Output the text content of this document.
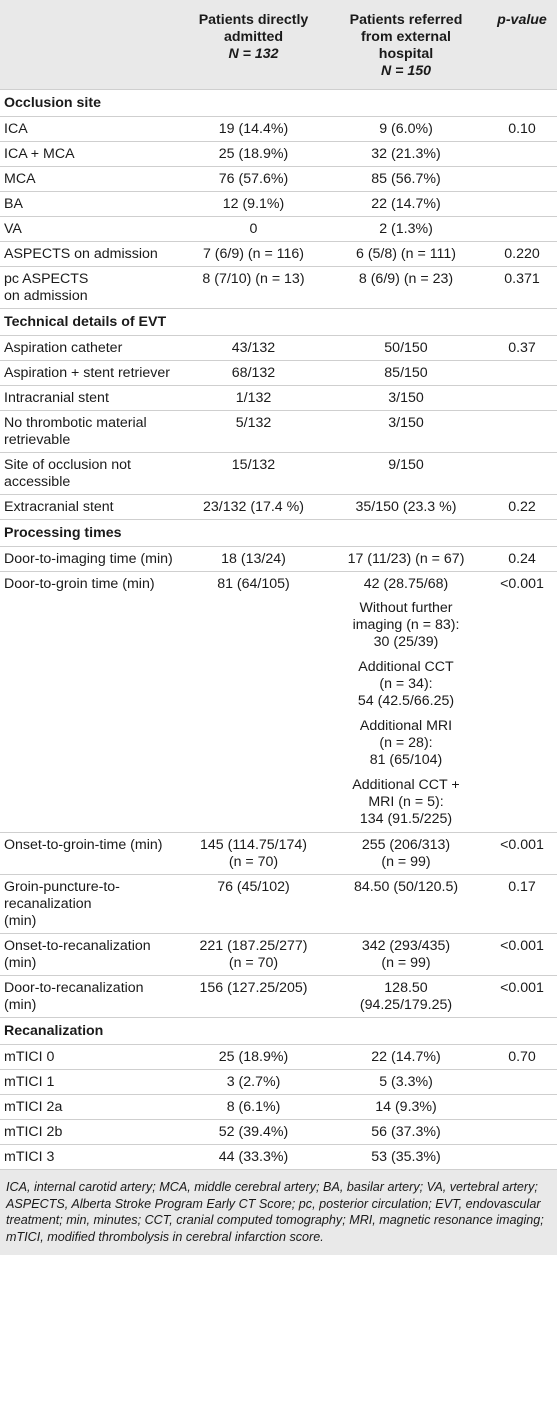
	Patients directly
admitted
N = 132	Patients referred
from external
hospital
N = 150	p-value
Occlusion site			

ICA	19 (14.4%)	9 (6.0%)	0.10

ICA + MCA	25 (18.9%)	32 (21.3%)	

MCA	76 (57.6%)	85 (56.7%)	

BA	12 (9.1%)	22 (14.7%)	

VA	0	2 (1.3%)	

ASPECTS on admission	7 (6/9) (n = 116)	6 (5/8) (n = 111)	0.220

pc ASPECTS
on admission	8 (7/10) (n = 13)	8 (6/9) (n = 23)	0.371
Technical details of EVT			

Aspiration catheter	43/132	50/150	0.37

Aspiration + stent retriever	68/132	85/150	

Intracranial stent	1/132	3/150	

No thrombotic material
retrievable	5/132	3/150	

Site of occlusion not
accessible	15/132	9/150	

Extracranial stent	23/132 (17.4 %)	35/150 (23.3 %)	0.22
Processing times			

Door-to-imaging time (min)	18 (13/24)	17 (11/23) (n = 67)	0.24

Door-to-groin time (min)	81 (64/105)	42 (28.75/68)	<0.001

		Without further
imaging (n = 83):
30 (25/39)	

		Additional CCT
(n = 34):
54 (42.5/66.25)	

		Additional MRI
(n = 28):
81 (65/104)	

		Additional CCT +
MRI (n = 5):
134 (91.5/225)	

Onset-to-groin-time (min)	145 (114.75/174)
(n = 70)	255 (206/313)
(n = 99)	<0.001

Groin-puncture-to-
recanalization
(min)	76 (45/102)	84.50 (50/120.5)	0.17

Onset-to-recanalization
(min)	221 (187.25/277)
(n = 70)	342 (293/435)
(n = 99)	<0.001

Door-to-recanalization
(min)	156 (127.25/205)	128.50
(94.25/179.25)	<0.001
Recanalization			

mTICI 0	25 (18.9%)	22 (14.7%)	0.70

mTICI 1	3 (2.7%)	5 (3.3%)	

mTICI 2a	8 (6.1%)	14 (9.3%)	

mTICI 2b	52 (39.4%)	56 (37.3%)	

mTICI 3	44 (33.3%)	53 (35.3%)	

ICA, internal carotid artery; MCA, middle cerebral artery; BA, basilar artery; VA, vertebral artery; ASPECTS, Alberta Stroke Program Early CT Score; pc, posterior circulation; EVT, endovascular treatment; min, minutes; CCT, cranial computed tomography; MRI, magnetic resonance imaging; mTICI, modified thrombolysis in cerebral infarction score.
